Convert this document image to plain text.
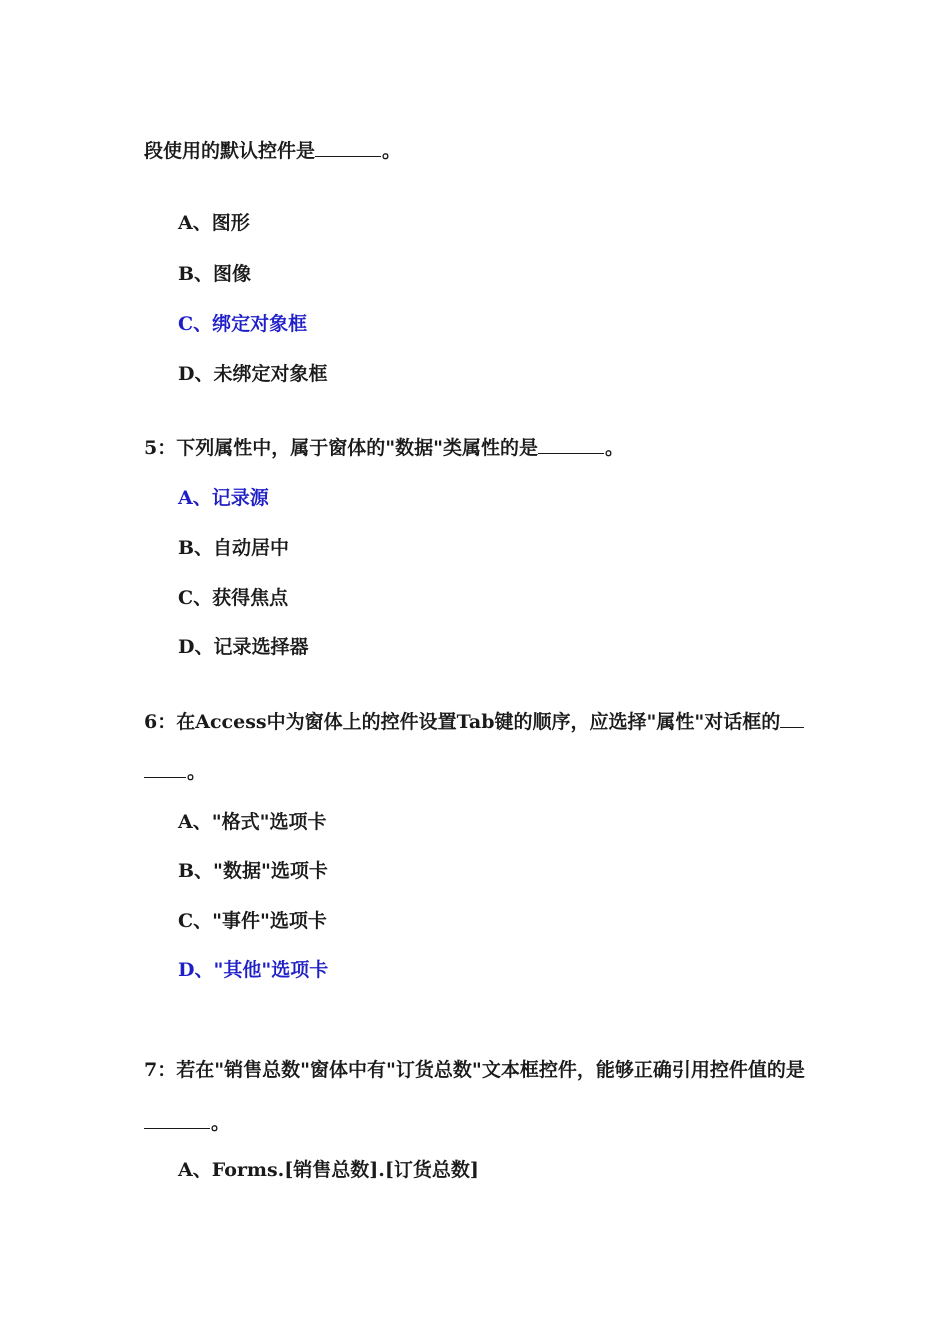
段使用的默认控件是	。
A、图形
B、图像
C、绑定对象框
D、未绑定对象框
5：下列属性中，属于窗体的"数据"类属性的是	。
A、记录源
B、自动居中
C、获得焦点
D、记录选择器
6：在Access中为窗体上的控件设置Tab键的顺序，应选择"属性"对话框的
。
A、"格式"选项卡
B、"数据"选项卡
C、"事件"选项卡
D、"其他"选项卡
7：若在"销售总数"窗体中有"订货总数"文本框控件，能够正确引用控件值的是
。
A、Forms.[销售总数].[订货总数]
